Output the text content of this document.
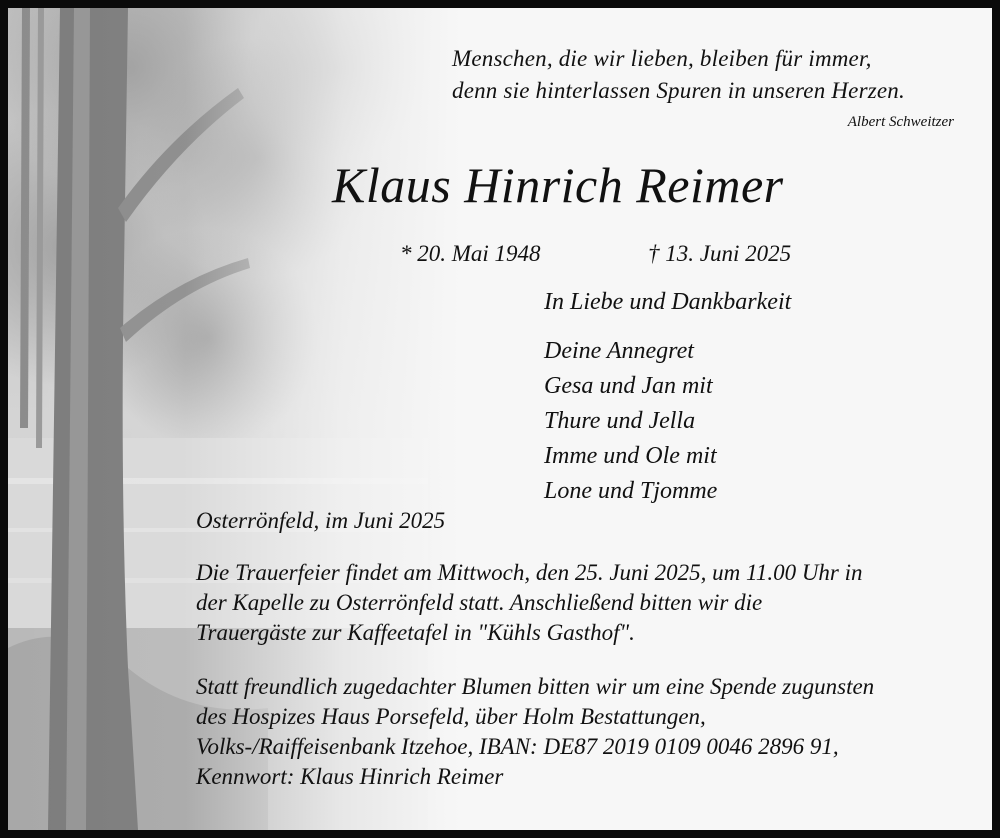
Menschen, die wir lieben, bleiben für immer,

denn sie hinterlassen Spuren in unseren Herzen.

Albert Schweitzer

Klaus Hinrich Reimer

* 20. Mai 1948	† 13. Juni 2025

In Liebe und Dankbarkeit

Deine Annegret

Gesa und Jan mit

Thure und Jella

Imme und Ole mit

Lone und Tjomme

Osterrönfeld, im Juni 2025

Die Trauerfeier findet am Mittwoch, den 25. Juni 2025, um 11.00 Uhr in

der Kapelle zu Osterrönfeld statt. Anschließend bitten wir die

Trauergäste zur Kaffeetafel in "Kühls Gasthof".

Statt freundlich zugedachter Blumen bitten wir um eine Spende zugunsten

des Hospizes Haus Porsefeld, über Holm Bestattungen,

Volks-/Raiffeisenbank Itzehoe, IBAN: DE87 2019 0109 0046 2896 91,

Kennwort: Klaus Hinrich Reimer
